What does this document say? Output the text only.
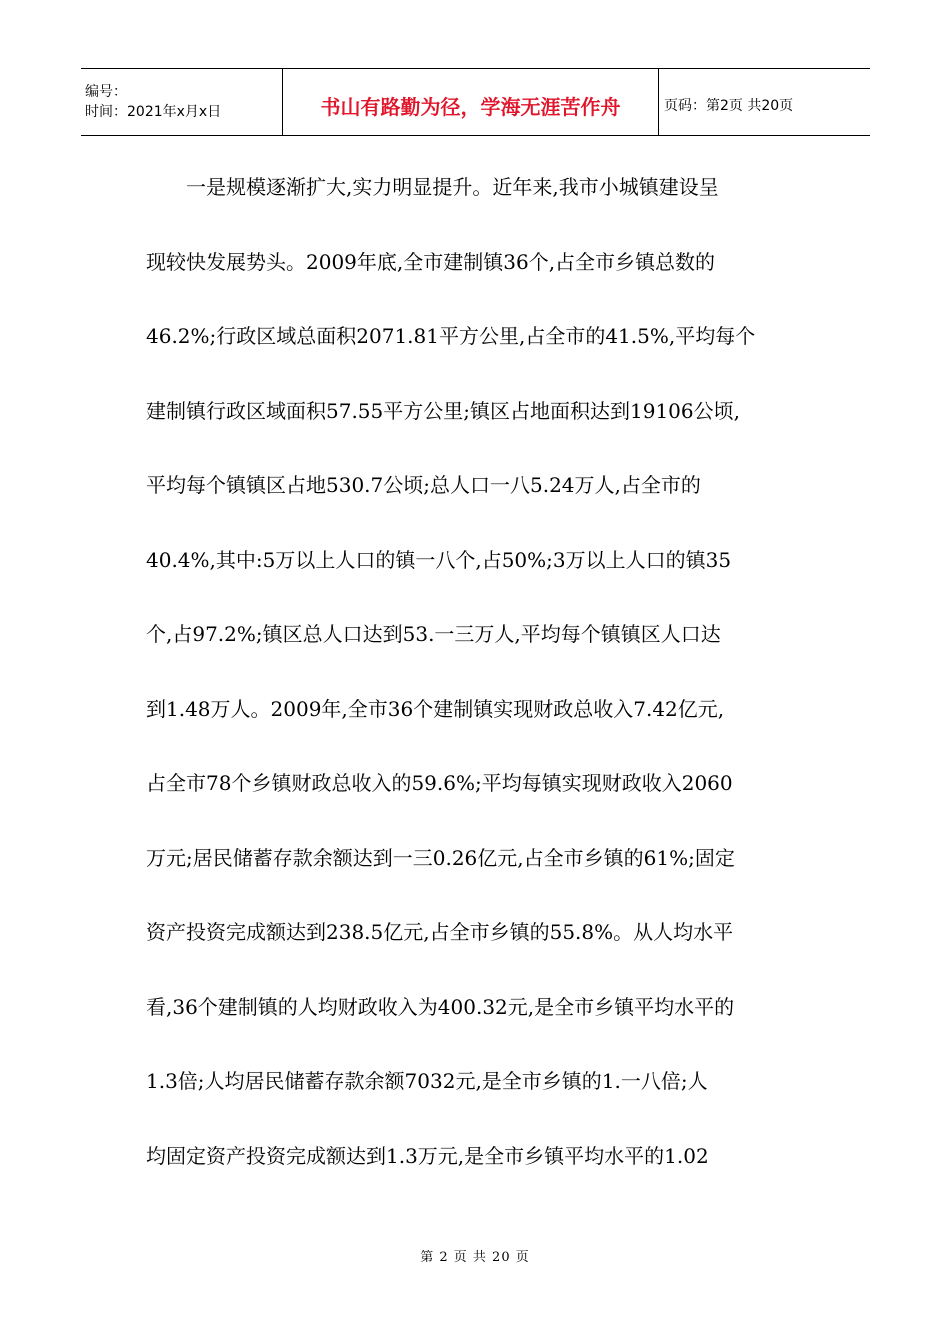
编号：
时间：2021年x月x日	书山有路勤为径，学海无涯苦作舟	页码：第2页 共20页
一是规模逐渐扩大,实力明显提升。近年来,我市小城镇建设呈
现较快发展势头。2009年底,全市建制镇36个,占全市乡镇总数的
46.2%;行政区域总面积2071.81平方公里,占全市的41.5%,平均每个
建制镇行政区域面积57.55平方公里;镇区占地面积达到19106公顷,
平均每个镇镇区占地530.7公顷;总人口一八5.24万人,占全市的
40.4%,其中:5万以上人口的镇一八个,占50%;3万以上人口的镇35
个,占97.2%;镇区总人口达到53.一三万人,平均每个镇镇区人口达
到1.48万人。2009年,全市36个建制镇实现财政总收入7.42亿元,
占全市78个乡镇财政总收入的59.6%;平均每镇实现财政收入2060
万元;居民储蓄存款余额达到一三0.26亿元,占全市乡镇的61%;固定
资产投资完成额达到238.5亿元,占全市乡镇的55.8%。从人均水平
看,36个建制镇的人均财政收入为400.32元,是全市乡镇平均水平的
1.3倍;人均居民储蓄存款余额7032元,是全市乡镇的1.一八倍;人
均固定资产投资完成额达到1.3万元,是全市乡镇平均水平的1.02
第 2 页 共 20 页
